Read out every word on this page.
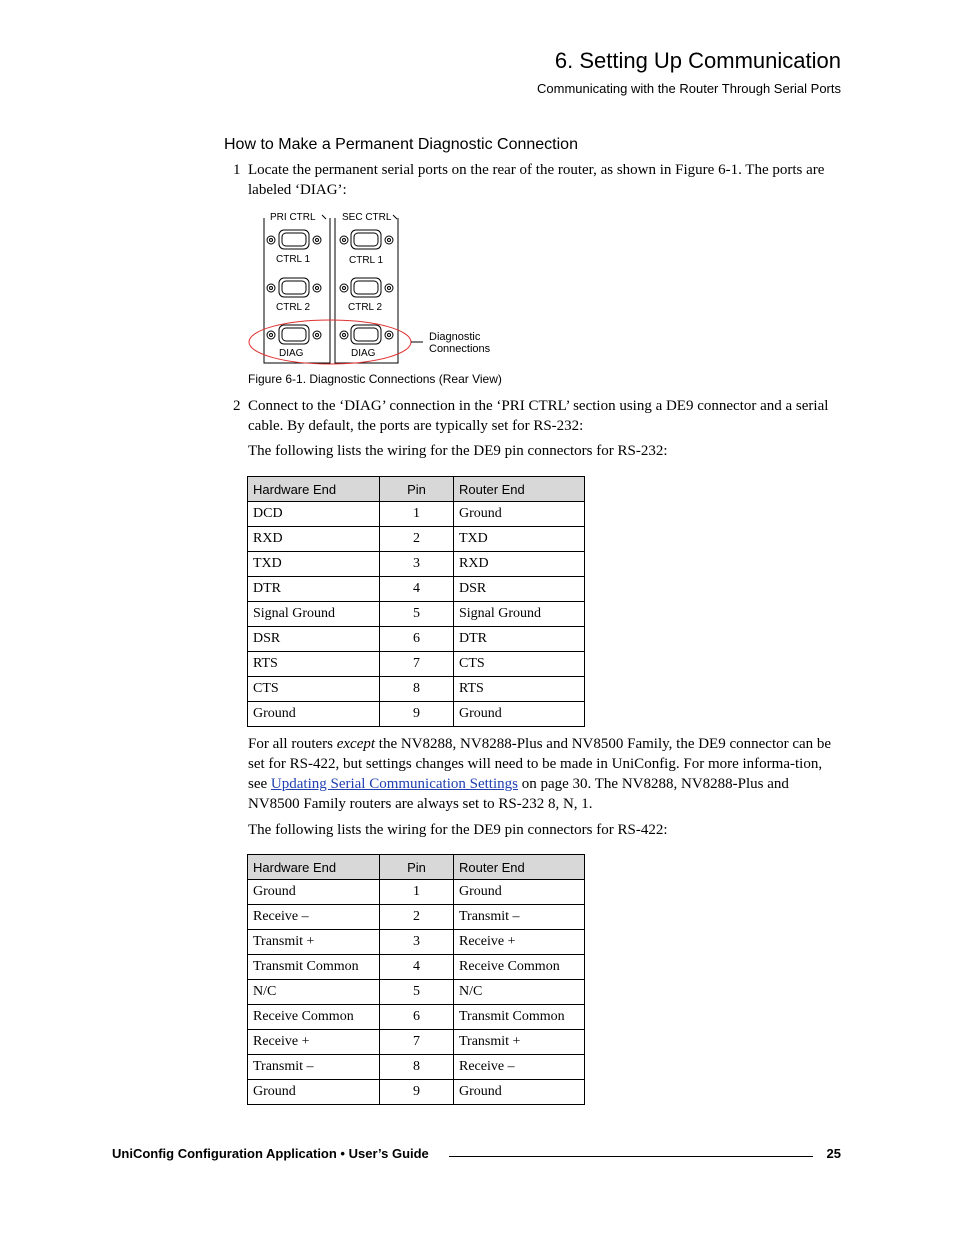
6. Setting Up Communication
Communicating with the Router Through Serial Ports
How to Make a Permanent Diagnostic Connection
1 Locate the permanent serial ports on the rear of the router, as shown in Figure 6-1. The ports are labeled ‘DIAG’:
PRI CTRL	SEC CTRL
CTRL 1
CTRL 2
DIAG
CTRL 1
CTRL 2
DIAG
Diagnostic
Connections
Figure 6-1. Diagnostic Connections (Rear View)
2 Connect to the ‘DIAG’ connection in the ‘PRI CTRL’ section using a DE9 connector and a serial cable. By default, the ports are typically set for RS-232:
The following lists the wiring for the DE9 pin connectors for RS-232:
Hardware End	Pin	Router End
DCD	1	Ground
RXD	2	TXD
TXD	3	RXD
DTR	4	DSR
Signal Ground	5	Signal Ground
DSR	6	DTR
RTS	7	CTS
CTS	8	RTS
Ground	9	Ground
For all routers except the NV8288, NV8288-Plus and NV8500 Family, the DE9 connector can be set for RS-422, but settings changes will need to be made in UniConfig. For more informa-tion, see Updating Serial Communication Settings on page 30. The NV8288, NV8288-Plus and NV8500 Family routers are always set to RS-232 8, N, 1.
The following lists the wiring for the DE9 pin connectors for RS-422:
Hardware End	Pin	Router End
Ground	1	Ground
Receive –	2	Transmit –
Transmit +	3	Receive +
Transmit Common	4	Receive Common
N/C	5	N/C
Receive Common	6	Transmit Common
Receive +	7	Transmit +
Transmit –	8	Receive –
Ground	9	Ground
UniConfig Configuration Application • User’s Guide	25
